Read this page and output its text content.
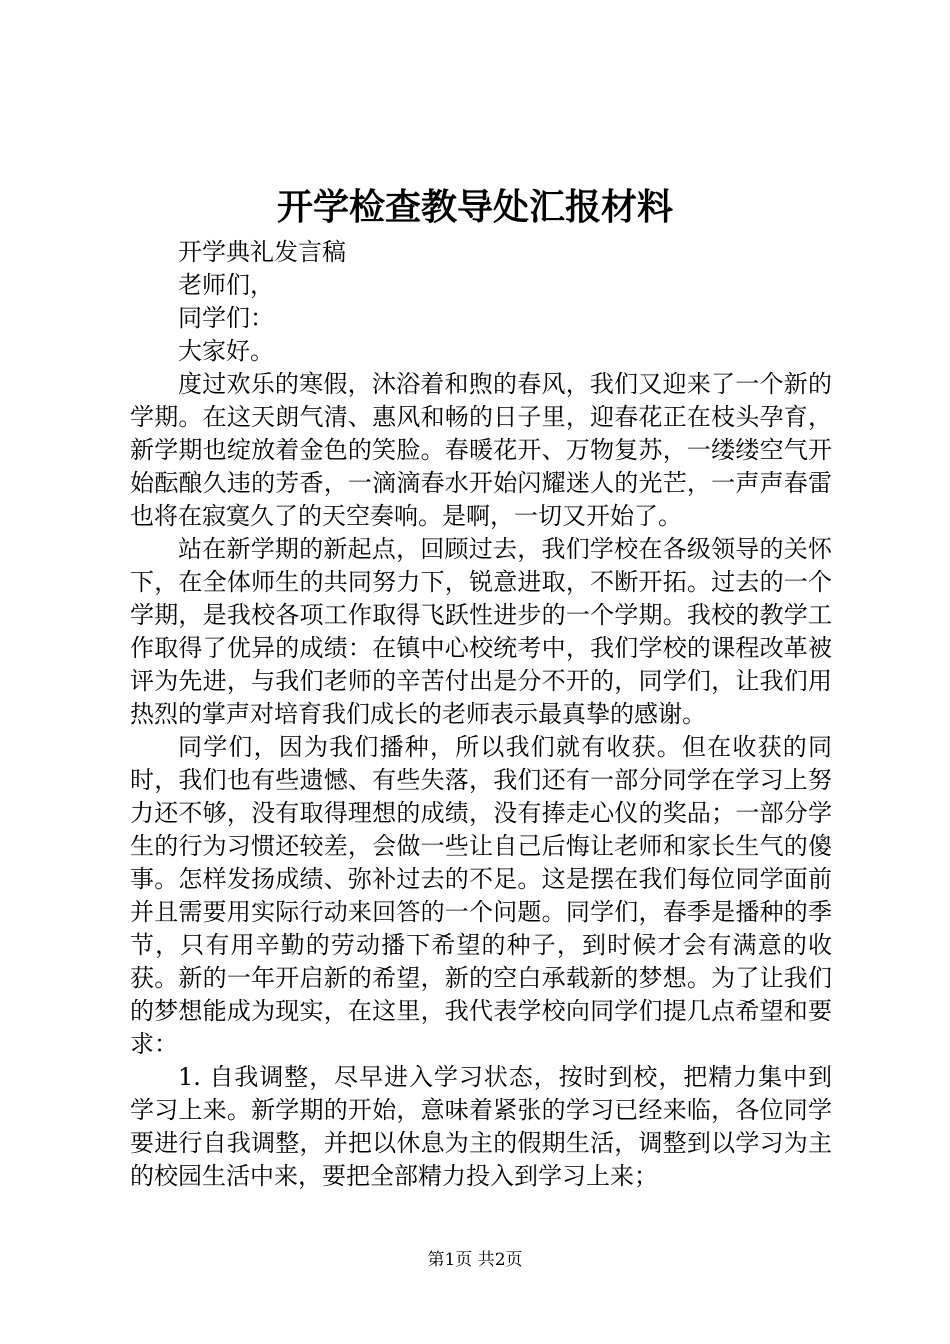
开学检查教导处汇报材料

开学典礼发言稿

老师们，

同学们：

大家好。

度过欢乐的寒假，沐浴着和煦的春风，我们又迎来了一个新的学期。在这天朗气清、惠风和畅的日子里，迎春花正在枝头孕育，新学期也绽放着金色的笑脸。春暖花开、万物复苏，一缕缕空气开始酝酿久违的芳香，一滴滴春水开始闪耀迷人的光芒，一声声春雷也将在寂寞久了的天空奏响。是啊，一切又开始了。

站在新学期的新起点，回顾过去，我们学校在各级领导的关怀下，在全体师生的共同努力下，锐意进取，不断开拓。过去的一个学期，是我校各项工作取得飞跃性进步的一个学期。我校的教学工作取得了优异的成绩：在镇中心校统考中，我们学校的课程改革被评为先进，与我们老师的辛苦付出是分不开的，同学们，让我们用热烈的掌声对培育我们成长的老师表示最真挚的感谢。

同学们，因为我们播种，所以我们就有收获。但在收获的同时，我们也有些遗憾、有些失落，我们还有一部分同学在学习上努力还不够，没有取得理想的成绩，没有捧走心仪的奖品；一部分学生的行为习惯还较差，会做一些让自己后悔让老师和家长生气的傻事。怎样发扬成绩、弥补过去的不足。这是摆在我们每位同学面前并且需要用实际行动来回答的一个问题。同学们，春季是播种的季节，只有用辛勤的劳动播下希望的种子，到时候才会有满意的收获。新的一年开启新的希望，新的空白承载新的梦想。为了让我们的梦想能成为现实，在这里，我代表学校向同学们提几点希望和要求：

1. 自我调整，尽早进入学习状态，按时到校，把精力集中到学习上来。新学期的开始，意味着紧张的学习已经来临，各位同学要进行自我调整，并把以休息为主的假期生活，调整到以学习为主的校园生活中来，要把全部精力投入到学习上来；

第1页 共2页
